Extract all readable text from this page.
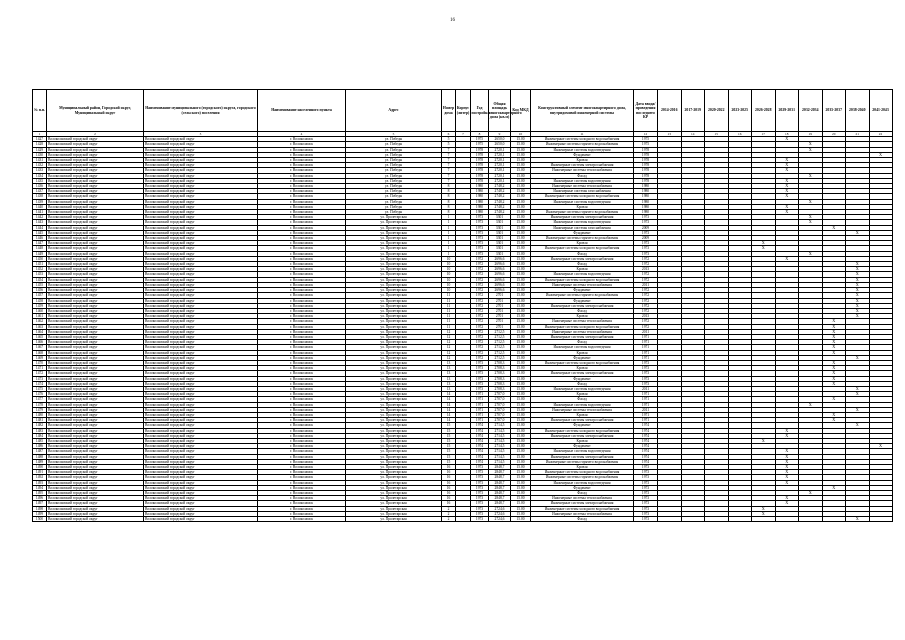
16
№ п.п.	Муниципальный район, Городской округ, Муниципальный округ	Наименование муниципального (городского) округа, городского (сельского) поселения	Наименование населенного пункта	Адрес	Номер дома	Корпус (литер)	Год постройки	Общая площадь многоквартирного дома (кв.м)	Код МКД	Конструктивный элемент многоквартирного дома, внутридомовой инженерной системы	Дата ввода/ проведения последнего КР	2014-2016	2017-2019	2020-2022	2023-2025	2026-2028	2029-2031	2032-2034	2035-2037	2038-2040	2041-2043
1	2	3	4	5	6	7	8	9	10	11	12	13	14	15	16	17	18	19	20	21	22
1427	Волоколамский городской округ	Волоколамский городской округ	г. Волоколамск	ул. Победы	5		1975	2650,0	15.00	Инженерные системы холодного водоснабжения	1975						X				
1428	Волоколамский городской округ	Волоколамский городской округ	г. Волоколамск	ул. Победы	5		1975	2650,0	15.00	Инженерные системы горячего водоснабжения	1975							X			
1429	Волоколамский городской округ	Волоколамский городской округ	г. Волоколамск	ул. Победы	7		1978	2720,1	15.00	Инженерные системы водоотведения	1978							X			
1430	Волоколамский городской округ	Волоколамский городской округ	г. Волоколамск	ул. Победы	7		1978	2720,1	15.00	Фундамент	1978										X
1431	Волоколамский городской округ	Волоколамский городской округ	г. Волоколамск	ул. Победы	7		1978	2720,1	15.00	Кровля	1978						X				
1432	Волоколамский городской округ	Волоколамский городской округ	г. Волоколамск	ул. Победы	7		1978	2720,1	15.00	Инженерные системы электроснабжения	1978						X				
1433	Волоколамский городской округ	Волоколамский городской округ	г. Волоколамск	ул. Победы	7		1978	2720,1	15.00	Инженерные системы теплоснабжения	1978						X				
1434	Волоколамский городской округ	Волоколамский городской округ	г. Волоколамск	ул. Победы	7		1978	2720,1	15.00	Фасад	1978							X			
1435	Волоколамский городской округ	Волоколамский городской округ	г. Волоколамск	ул. Победы	7		1978	2720,1	15.00	Инженерные системы водоотведения	1978						X				
1436	Волоколамский городской округ	Волоколамский городской округ	г. Волоколамск	ул. Победы	8		1980	2748,2	15.00	Инженерные системы теплоснабжения	1980						X				
1437	Волоколамский городской округ	Волоколамский городской округ	г. Волоколамск	ул. Победы	8		1980	2748,2	15.00	Инженерные системы газоснабжения	1980						X				
1438	Волоколамский городской округ	Волоколамский городской округ	г. Волоколамск	ул. Победы	8		1980	2748,2	15.00	Инженерные системы холодного водоснабжения	1980						X				
1439	Волоколамский городской округ	Волоколамский городской округ	г. Волоколамск	ул. Победы	8		1980	2748,2	15.00	Инженерные системы водоотведения	1980							X			
1440	Волоколамский городской округ	Волоколамский городской округ	г. Волоколамск	ул. Победы	8		1980	2748,2	15.00	Кровля	1980						X				
1441	Волоколамский городской округ	Волоколамский городской округ	г. Волоколамск	ул. Победы	8		1980	2748,2	15.00	Инженерные системы горячего водоснабжения	1980						X				
1442	Волоколамский городской округ	Волоколамский городской округ	г. Волоколамск	ул. Пролетарская	1		1973	3301	15.00	Инженерные системы электроснабжения	1973							X			
1443	Волоколамский городской округ	Волоколамский городской округ	г. Волоколамск	ул. Пролетарская	1		1973	3301	15.00	Инженерные системы водоотведения	1973							X			
1444	Волоколамский городской округ	Волоколамский городской округ	г. Волоколамск	ул. Пролетарская	1		1973	3301	15.00	Инженерные системы газоснабжения	2009								X		
1445	Волоколамский городской округ	Волоколамский городской округ	г. Волоколамск	ул. Пролетарская	1		1973	3301	15.00	Фундамент	1973									X	
1446	Волоколамский городской округ	Волоколамский городской округ	г. Волоколамск	ул. Пролетарская	1		1973	3301	15.00	Инженерные системы горячего водоснабжения	2009										
1447	Волоколамский городской округ	Волоколамский городской округ	г. Волоколамск	ул. Пролетарская	1		1973	3301	15.00	Кровля	1973					X					
1448	Волоколамский городской округ	Волоколамский городской округ	г. Волоколамск	ул. Пролетарская	1		1973	3301	15.00	Инженерные системы холодного водоснабжения	1973					X					
1449	Волоколамский городской округ	Волоколамский городской округ	г. Волоколамск	ул. Пролетарская	1		1973	3301	15.00	Фасад	1973							X			
1450	Волоколамский городской округ	Волоколамский городской округ	г. Волоколамск	ул. Пролетарская	10		1972	2696,6	15.00	Инженерные системы электроснабжения	1972						X				
1451	Волоколамский городской округ	Волоколамский городской округ	г. Волоколамск	ул. Пролетарская	10		1972	2696,6	15.00	Фасад	1972									X	
1452	Волоколамский городской округ	Волоколамский городской округ	г. Волоколамск	ул. Пролетарская	10		1972	2696,6	15.00	Кровля	2013									X	
1453	Волоколамский городской округ	Волоколамский городской округ	г. Волоколамск	ул. Пролетарская	10		1972	2696,6	15.00	Инженерные системы водоотведения	1972									X	
1454	Волоколамский городской округ	Волоколамский городской округ	г. Волоколамск	ул. Пролетарская	10		1972	2696,6	15.00	Инженерные системы холодного водоснабжения	1972									X	
1455	Волоколамский городской округ	Волоколамский городской округ	г. Волоколамск	ул. Пролетарская	10		1972	2696,6	15.00	Инженерные системы теплоснабжения	2011									X	
1456	Волоколамский городской округ	Волоколамский городской округ	г. Волоколамск	ул. Пролетарская	10		1972	2696,6	15.00	Фундамент	1972									X	
1457	Волоколамский городской округ	Волоколамский городской округ	г. Волоколамск	ул. Пролетарская	11		1972	2701	15.00	Инженерные системы горячего водоснабжения	1972									X	
1458	Волоколамский городской округ	Волоколамский городской округ	г. Волоколамск	ул. Пролетарская	11		1972	2701	15.00	Фундамент	1972									X	
1459	Волоколамский городской округ	Волоколамский городской округ	г. Волоколамск	ул. Пролетарская	11		1972	2701	15.00	Инженерные системы электроснабжения	1972									X	
1460	Волоколамский городской округ	Волоколамский городской округ	г. Волоколамск	ул. Пролетарская	11		1972	2701	15.00	Фасад	1972									X	
1461	Волоколамский городской округ	Волоколамский городской округ	г. Волоколамск	ул. Пролетарская	11		1972	2701	15.00	Кровля	2013									X	
1462	Волоколамский городской округ	Волоколамский городской округ	г. Волоколамск	ул. Пролетарская	11		1972	2701	15.00	Инженерные системы теплоснабжения	1972								X		
1463	Волоколамский городской округ	Волоколамский городской округ	г. Волоколамск	ул. Пролетарская	11		1972	2701	15.00	Инженерные системы холодного водоснабжения	1972								X		
1464	Волоколамский городской округ	Волоколамский городской округ	г. Волоколамск	ул. Пролетарская	12		1972	2712,5	15.00	Инженерные системы теплоснабжения	2011								X		
1465	Волоколамский городской округ	Волоколамский городской округ	г. Волоколамск	ул. Пролетарская	12		1972	2712,5	15.00	Инженерные системы электроснабжения	1971								X		
1466	Волоколамский городской округ	Волоколамский городской округ	г. Волоколамск	ул. Пролетарская	12		1972	2712,5	15.00	Фасад	1971								X		
1467	Волоколамский городской округ	Волоколамский городской округ	г. Волоколамск	ул. Пролетарская	12		1972	2712,5	15.00	Инженерные системы водоотведения	1971								X		
1468	Волоколамский городской округ	Волоколамский городской округ	г. Волоколамск	ул. Пролетарская	12		1972	2712,5	15.00	Кровля	1971								X		
1469	Волоколамский городской округ	Волоколамский городской округ	г. Волоколамск	ул. Пролетарская	12		1972	2712,5	15.00	Фундамент	1971									X	
1470	Волоколамский городской округ	Волоколамский городской округ	г. Волоколамск	ул. Пролетарская	13		1973	2708,3	15.00	Инженерные системы холодного водоснабжения	1973								X		
1471	Волоколамский городской округ	Волоколамский городской округ	г. Волоколамск	ул. Пролетарская	13		1973	2708,3	15.00	Кровля	1973								X		
1472	Волоколамский городской округ	Волоколамский городской округ	г. Волоколамск	ул. Пролетарская	13		1973	2708,3	15.00	Инженерные системы электроснабжения	1973								X		
1473	Волоколамский городской округ	Волоколамский городской округ	г. Волоколамск	ул. Пролетарская	13		1973	2708,3	15.00	Фундамент	1973								X		
1474	Волоколамский городской округ	Волоколамский городской округ	г. Волоколамск	ул. Пролетарская	13		1973	2708,3	15.00	Фасад	1973								X		
1475	Волоколамский городской округ	Волоколамский городской округ	г. Волоколамск	ул. Пролетарская	13		1973	2708,3	15.00	Инженерные системы водоотведения	2011									X	
1476	Волоколамский городской округ	Волоколамский городской округ	г. Волоколамск	ул. Пролетарская	14		1971	2707,0	15.00	Кровля	1971									X	
1477	Волоколамский городской округ	Волоколамский городской округ	г. Волоколамск	ул. Пролетарская	14		1971	2707,0	15.00	Фасад	1971								X		
1478	Волоколамский городской округ	Волоколамский городской округ	г. Волоколамск	ул. Пролетарская	14		1971	2707,0	15.00	Инженерные системы водоотведения	1971							X			
1479	Волоколамский городской округ	Волоколамский городской округ	г. Волоколамск	ул. Пролетарская	14		1971	2707,0	15.00	Инженерные системы теплоснабжения	2011									X	
1480	Волоколамский городской округ	Волоколамский городской округ	г. Волоколамск	ул. Пролетарская	14		1971	2707,0	15.00	Кровля	1971								X		
1481	Волоколамский городской округ	Волоколамский городской округ	г. Волоколамск	ул. Пролетарская	14		1971	2707,0	15.00	Инженерные системы электроснабжения	1971								X		
1482	Волоколамский городской округ	Волоколамский городской округ	г. Волоколамск	ул. Пролетарская	15		1974	2714,5	15.00	Фундамент	1974									X	
1483	Волоколамский городской округ	Волоколамский городской округ	г. Волоколамск	ул. Пролетарская	15		1974	2714,5	15.00	Инженерные системы холодного водоснабжения	1974						X				
1484	Волоколамский городской округ	Волоколамский городской округ	г. Волоколамск	ул. Пролетарская	15		1974	2714,5	15.00	Инженерные системы электроснабжения	1974						X				
1485	Волоколамский городской округ	Волоколамский городской округ	г. Волоколамск	ул. Пролетарская	15		1974	2714,5	15.00	Кровля	1974					X					
1486	Волоколамский городской округ	Волоколамский городской округ	г. Волоколамск	ул. Пролетарская	15		1974	2714,5	15.00	Фундамент	1974										X
1487	Волоколамский городской округ	Волоколамский городской округ	г. Волоколамск	ул. Пролетарская	15		1974	2714,5	15.00	Инженерные системы водоотведения	1974						X				
1488	Волоколамский городской округ	Волоколамский городской округ	г. Волоколамск	ул. Пролетарская	15		1974	2714,5	15.00	Инженерные системы электроснабжения	1974						X				
1489	Волоколамский городской округ	Волоколамский городской округ	г. Волоколамск	ул. Пролетарская	15		1974	2714,5	15.00	Инженерные системы горячего водоснабжения	1974						X				
1490	Волоколамский городской округ	Волоколамский городской округ	г. Волоколамск	ул. Пролетарская	16		1973	2848,7	15.00	Кровля	1973						X				
1491	Волоколамский городской округ	Волоколамский городской округ	г. Волоколамск	ул. Пролетарская	16		1973	2848,7	15.00	Инженерные системы холодного водоснабжения	1973						X				
1492	Волоколамский городской округ	Волоколамский городской округ	г. Волоколамск	ул. Пролетарская	16		1973	2848,7	15.00	Инженерные системы горячего водоснабжения	1973						X				
1493	Волоколамский городской округ	Волоколамский городской округ	г. Волоколамск	ул. Пролетарская	16		1973	2848,7	15.00	Инженерные системы водоотведения	1973						X				
1494	Волоколамский городской округ	Волоколамский городской округ	г. Волоколамск	ул. Пролетарская	16		1973	2848,7	15.00	Фундамент	1973								X		
1495	Волоколамский городской округ	Волоколамский городской округ	г. Волоколамск	ул. Пролетарская	16		1973	2848,7	15.00	Фасад	1973							X			
1496	Волоколамский городской округ	Волоколамский городской округ	г. Волоколамск	ул. Пролетарская	16		1973	2848,7	15.00	Инженерные системы теплоснабжения	1973						X				
1497	Волоколамский городской округ	Волоколамский городской округ	г. Волоколамск	ул. Пролетарская	16		1973	2848,7	15.00	Инженерные системы электроснабжения	1973						X				
1498	Волоколамский городской округ	Волоколамский городской округ	г. Волоколамск	ул. Пролетарская	2		1973	2724,6	15.00	Инженерные системы холодного водоснабжения	1973					X					
1499	Волоколамский городской округ	Волоколамский городской округ	г. Волоколамск	ул. Пролетарская	2		1973	2724,6	15.00	Инженерные системы теплоснабжения	1973					X					
1500	Волоколамский городской округ	Волоколамский городской округ	г. Волоколамск	ул. Пролетарская	2		1973	2724,6	15.00	Фасад	1973									X	
